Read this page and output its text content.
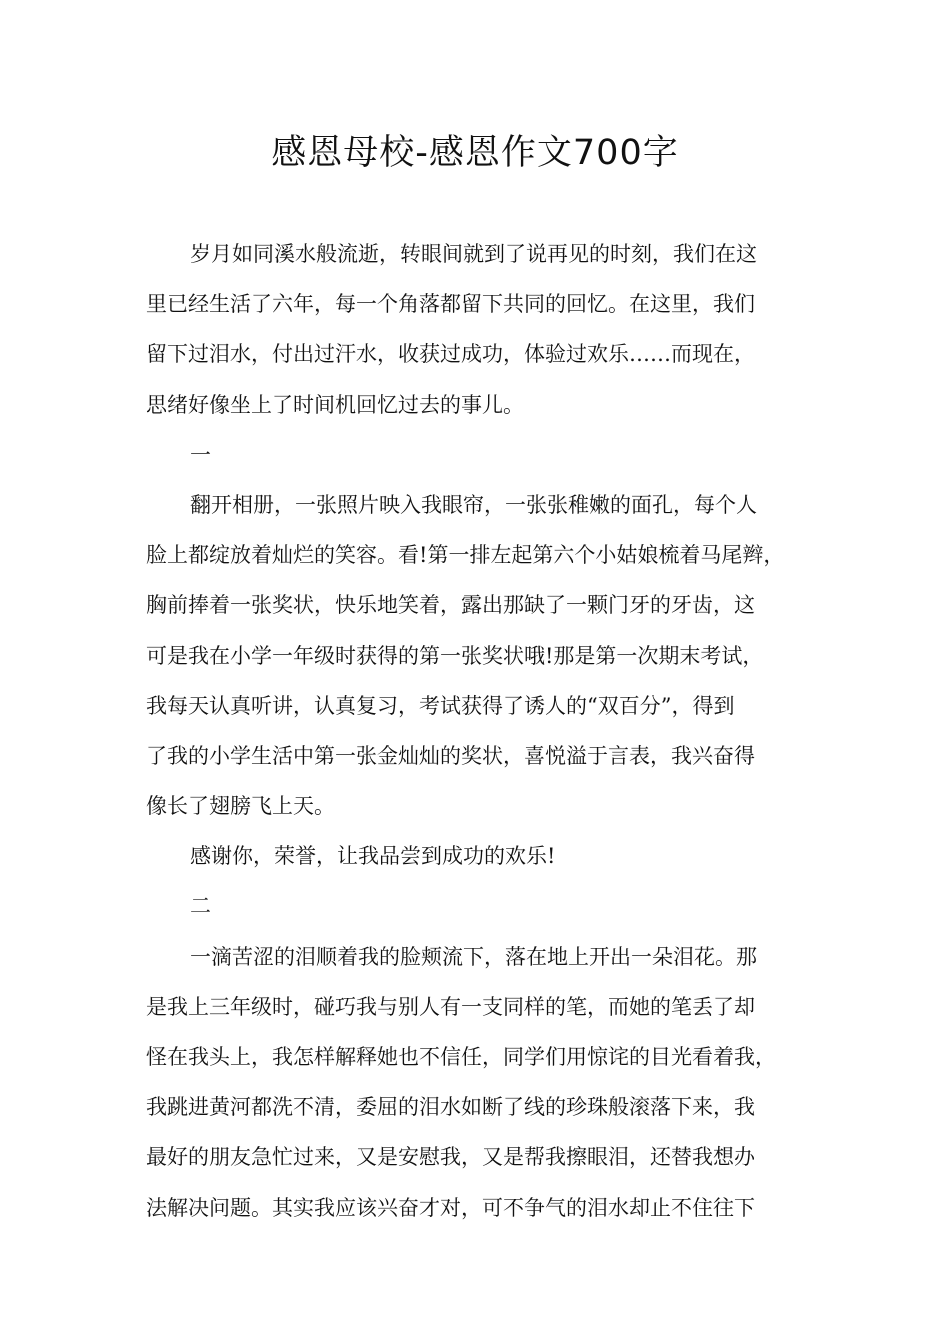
感恩母校-感恩作文700字
岁月如同溪水般流逝，转眼间就到了说再见的时刻，我们在这
里已经生活了六年，每一个角落都留下共同的回忆。在这里，我们
留下过泪水，付出过汗水，收获过成功，体验过欢乐……而现在，
思绪好像坐上了时间机回忆过去的事儿。
一
翻开相册，一张照片映入我眼帘，一张张稚嫩的面孔，每个人
脸上都绽放着灿烂的笑容。看!第一排左起第六个小姑娘梳着马尾辫，
胸前捧着一张奖状，快乐地笑着，露出那缺了一颗门牙的牙齿，这
可是我在小学一年级时获得的第一张奖状哦!那是第一次期末考试，
我每天认真听讲，认真复习，考试获得了诱人的“双百分”，得到
了我的小学生活中第一张金灿灿的奖状，喜悦溢于言表，我兴奋得
像长了翅膀飞上天。
感谢你，荣誉，让我品尝到成功的欢乐!
二
一滴苦涩的泪顺着我的脸颊流下，落在地上开出一朵泪花。那
是我上三年级时，碰巧我与别人有一支同样的笔，而她的笔丢了却
怪在我头上，我怎样解释她也不信任，同学们用惊诧的目光看着我，
我跳进黄河都洗不清，委屈的泪水如断了线的珍珠般滚落下来，我
最好的朋友急忙过来，又是安慰我，又是帮我擦眼泪，还替我想办
法解决问题。其实我应该兴奋才对，可不争气的泪水却止不住往下
